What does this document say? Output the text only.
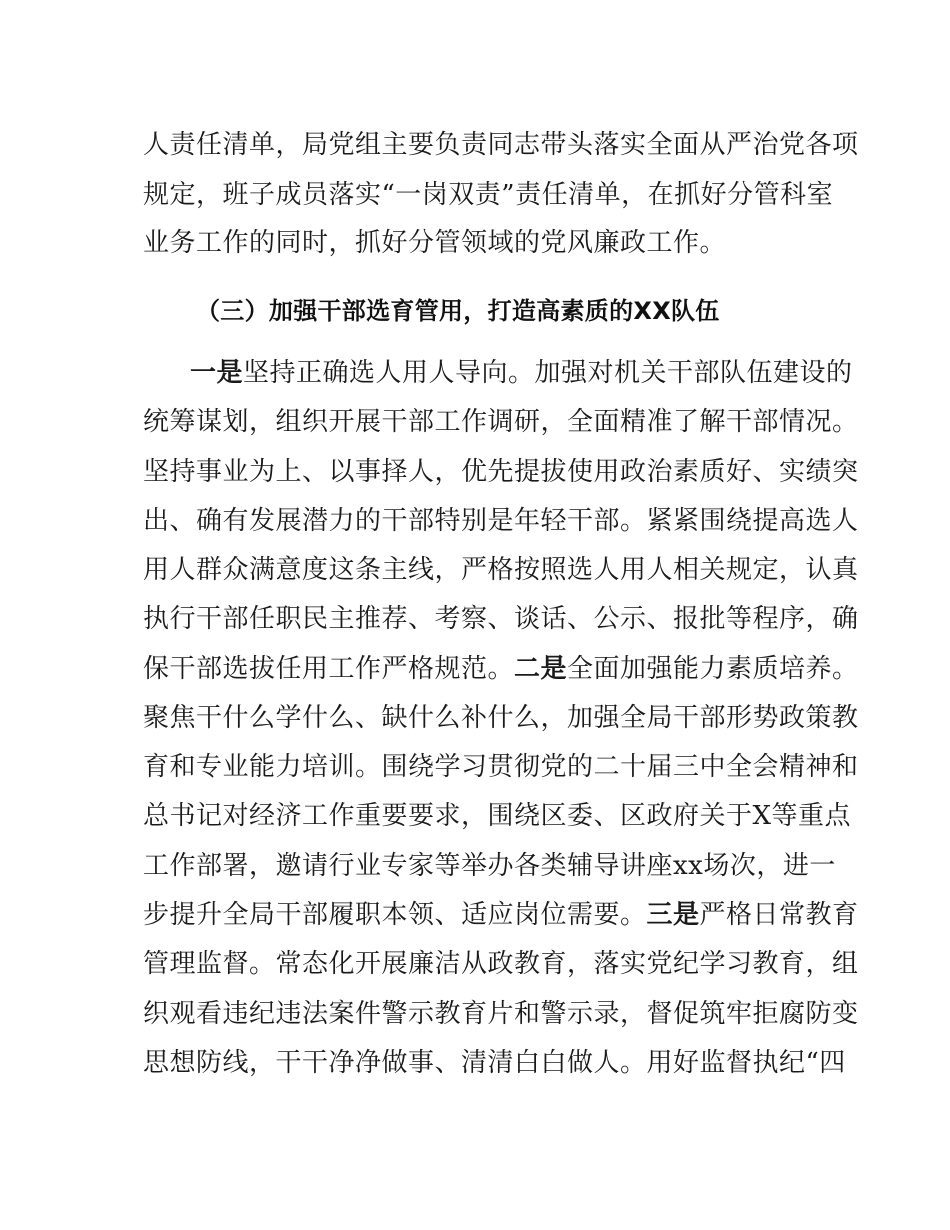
人责任清单，局党组主要负责同志带头落实全面从严治党各项
规定，班子成员落实“一岗双责”责任清单，在抓好分管科室
业务工作的同时，抓好分管领域的党风廉政工作。
（三）加强干部选育管用，打造高素质的XX队伍
一是坚持正确选人用人导向。加强对机关干部队伍建设的
统筹谋划，组织开展干部工作调研，全面精准了解干部情况。
坚持事业为上、以事择人，优先提拔使用政治素质好、实绩突
出、确有发展潜力的干部特别是年轻干部。紧紧围绕提高选人
用人群众满意度这条主线，严格按照选人用人相关规定，认真
执行干部任职民主推荐、考察、谈话、公示、报批等程序，确
保干部选拔任用工作严格规范。二是全面加强能力素质培养。
聚焦干什么学什么、缺什么补什么，加强全局干部形势政策教
育和专业能力培训。围绕学习贯彻党的二十届三中全会精神和
总书记对经济工作重要要求，围绕区委、区政府关于X等重点
工作部署，邀请行业专家等举办各类辅导讲座xx场次，进一
步提升全局干部履职本领、适应岗位需要。三是严格日常教育
管理监督。常态化开展廉洁从政教育，落实党纪学习教育，组
织观看违纪违法案件警示教育片和警示录，督促筑牢拒腐防变
思想防线，干干净净做事、清清白白做人。用好监督执纪“四
